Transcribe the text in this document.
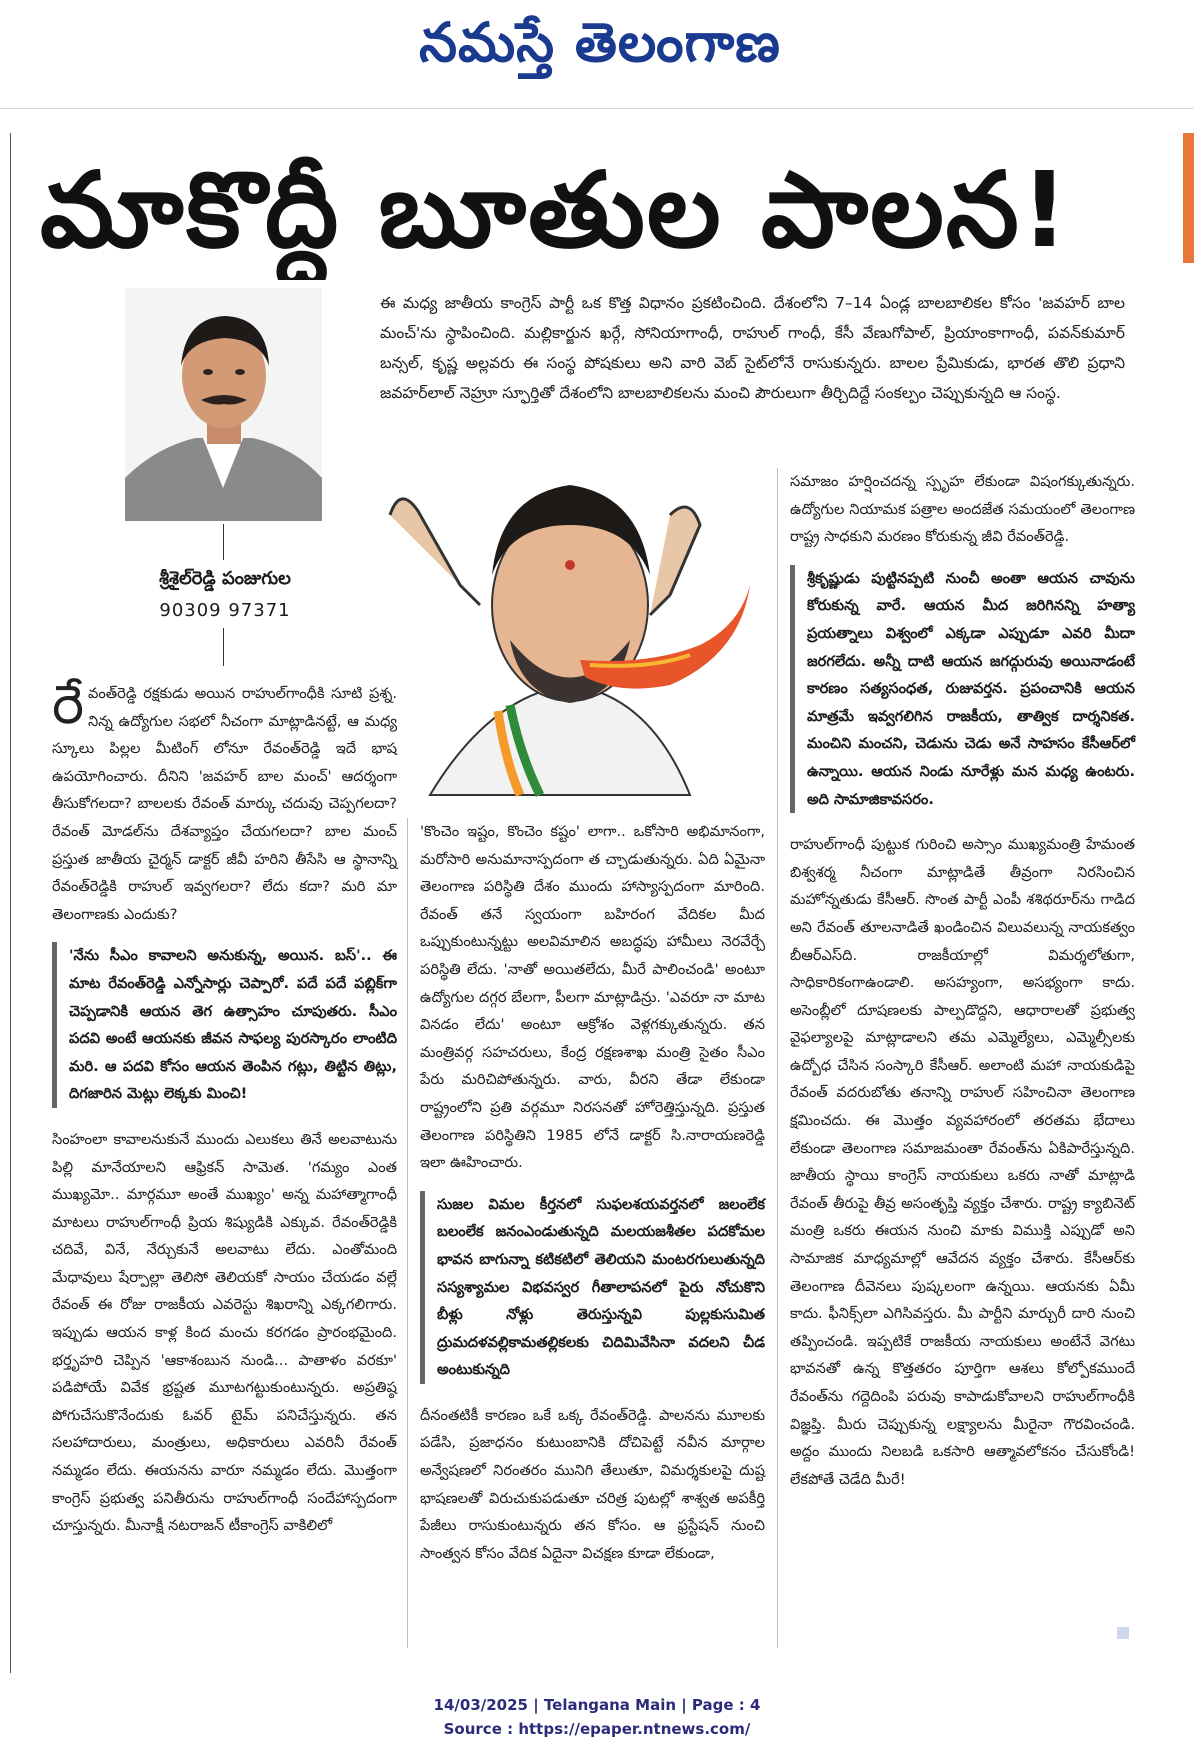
నమస్తే తెలంగాణ
మాకొద్దీ బూతుల పాలన!
శ్రీశైల్‌రెడ్డి పంజుగుల
90309 97371
ఈ మధ్య జాతీయ కాంగ్రెస్ పార్టీ ఒక కొత్త విధానం ప్రకటించింది. దేశంలోని 7–14 ఏండ్ల బాలబాలికల కోసం 'జవహర్ బాల మంచ్'ను స్థాపించింది. మల్లికార్జున ఖర్గే, సోనియాగాంధీ, రాహుల్ గాంధీ, కేసీ వేణుగోపాల్, ప్రియాంకాగాంధీ, పవన్‌కుమార్ బన్సల్, కృష్ణ అల్లవరు ఈ సంస్థ పోషకులు అని వారి వెబ్ సైట్‌లోనే రాసుకున్నరు. బాలల ప్రేమికుడు, భారత తొలి ప్రధాని జవహర్‌లాల్ నెహ్రూ స్ఫూర్తితో దేశంలోని బాలబాలికలను మంచి పౌరులుగా తీర్చిదిద్దే సంకల్పం చెప్పుకున్నది ఆ సంస్థ.

రేవంత్‌రెడ్డి రక్షకుడు అయిన రాహుల్‌గాంధీకి సూటి ప్రశ్న. నిన్న ఉద్యోగుల సభలో నీచంగా మాట్లాడినట్టే, ఆ మధ్య స్కూలు పిల్లల మీటింగ్ లోనూ రేవంత్‌రెడ్డి ఇదే భాష ఉపయోగించారు. దీనిని 'జవహర్ బాల మంచ్' ఆదర్శంగా తీసుకోగలదా? బాలలకు రేవంత్ మార్కు చదువు చెప్పగలదా? రేవంత్ మోడల్‌ను దేశవ్యాప్తం చేయగలదా? బాల మంచ్ ప్రస్తుత జాతీయ చైర్మన్ డాక్టర్ జీవీ హరిని తీసేసి ఆ స్థానాన్ని రేవంత్‌రెడ్డికి రాహుల్ ఇవ్వగలరా? లేదు కదా? మరి మా తెలంగాణకు ఎందుకు?

'నేను సీఎం కావాలని అనుకున్న, అయిన. బస్'.. ఈ మాట రేవంత్‌రెడ్డి ఎన్నోసార్లు చెప్పారో. పదే పదే పబ్లిక్‌గా చెప్పడానికి ఆయన తెగ ఉత్సాహం చూపుతరు. సీఎం పదవి అంటే ఆయనకు జీవన సాఫల్య పురస్కారం లాంటిది మరి. ఆ పదవి కోసం ఆయన తెంపిన గట్లు, తిట్టిన తిట్లు, దిగజారిన మెట్లు లెక్కకు మించి!

సింహంలా కావాలనుకునే ముందు ఎలుకలు తినే అలవాటును పిల్లి మానేయాలని ఆఫ్రికన్ సామెత. 'గమ్యం ఎంత ముఖ్యమో.. మార్గమూ అంతే ముఖ్యం' అన్న మహాత్మాగాంధీ మాటలు రాహుల్‌గాంధీ ప్రియ శిష్యుడికి ఎక్కువ. రేవంత్‌రెడ్డికి చదివే, వినే, నేర్చుకునే అలవాటు లేదు. ఎంతోమంది మేధావులు షేర్పాల్లా తెలిసో తెలియకో సాయం చేయడం వల్లే రేవంత్ ఈ రోజు రాజకీయ ఎవరెస్టు శిఖరాన్ని ఎక్కగలిగారు. ఇప్పుడు ఆయన కాళ్ల కింద మంచు కరగడం ప్రారంభమైంది. భర్తృహరి చెప్పిన 'ఆకాశంబున నుండి... పాతాళం వరకూ' పడిపోయే వివేక భ్రష్టత మూటగట్టుకుంటున్నరు. అప్రతిష్ఠ పోగుచేసుకొనేందుకు ఓవర్ టైమ్ పనిచేస్తున్నరు. తన సలహాదారులు, మంత్రులు, అధికారులు ఎవరినీ రేవంత్ నమ్మడం లేదు. ఈయనను వారూ నమ్మడం లేదు. మొత్తంగా కాంగ్రెస్ ప్రభుత్వ పనితీరును రాహుల్‌గాంధీ సందేహాస్పదంగా చూస్తున్నరు. మీనాక్షీ నటరాజన్ టీకాంగ్రెస్ వాకిలిలో

'కొంచెం ఇష్టం, కొంచెం కష్టం' లాగా.. ఒకోసారి అభిమానంగా, మరోసారి అనుమానాస్పదంగా త చ్చాడుతున్నరు. ఏది ఏమైనా తెలంగాణ పరిస్థితి దేశం ముందు హాస్యాస్పదంగా మారింది. రేవంత్ తనే స్వయంగా బహిరంగ వేదికల మీద ఒప్పుకుంటున్నట్టు అలవిమాలిన అబద్ధపు హామీలు నెరవేర్చే పరిస్థితి లేదు. 'నాతో అయితలేదు, మీరే పాలించండి' అంటూ ఉద్యోగుల దగ్గర బేలగా, పీలగా మాట్లాడిన్రు. 'ఎవరూ నా మాట వినడం లేదు' అంటూ ఆక్రోశం వెళ్లగక్కుతున్నరు. తన మంత్రివర్గ సహచరులు, కేంద్ర రక్షణశాఖ మంత్రి సైతం సీఎం పేరు మరిచిపోతున్నరు. వారు, వీరని తేడా లేకుండా రాష్ట్రంలోని ప్రతి వర్గమూ నిరసనతో హోరెత్తిస్తున్నది. ప్రస్తుత తెలంగాణ పరిస్థితిని 1985 లోనే డాక్టర్ సి.నారాయణరెడ్డి ఇలా ఊహించారు.

సుజల విమల కీర్తనలో సుఫలశయవర్తనలో జలంలేక బలంలేక జనంఎండుతున్నది మలయజశీతల పదకోమల భావన బాగున్నా కటికటిలో తెలియని మంటరగులుతున్నది సస్యశ్యామల విభవస్వర గీతాలాపనలో పైరు నోచుకొని బీళ్లు నోళ్లు తెరుస్తున్నవి పుల్లకుసుమిత ద్రుమదళవల్లికామతల్లికలకు చిదిమివేసినా వదలని చీడ అంటుకున్నది

దీనంతటికీ కారణం ఒకే ఒక్క రేవంత్‌రెడ్డి. పాలనను మూలకు పడేసి, ప్రజాధనం కుటుంబానికి దోచిపెట్టే నవీన మార్గాల అన్వేషణలో నిరంతరం మునిగి తేలుతూ, విమర్శకులపై దుష్ట భాషణలతో విరుచుకుపడుతూ చరిత్ర పుటల్లో శాశ్వత అపకీర్తి పేజీలు రాసుకుంటున్నరు తన కోసం. ఆ ఫ్రస్టేషన్ నుంచి సాంత్వన కోసం వేదిక ఏదైనా విచక్షణ కూడా లేకుండా,

సమాజం హర్షించదన్న స్పృహ లేకుండా విషంగక్కుతున్నరు. ఉద్యోగుల నియామక పత్రాల అందజేత సమయంలో తెలంగాణ రాష్ట్ర సాధకుని మరణం కోరుకున్న జీవి రేవంత్‌రెడ్డి.

శ్రీకృష్ణుడు పుట్టినప్పటి నుంచీ అంతా ఆయన చావును కోరుకున్న వారే. ఆయన మీద జరిగినన్ని హత్యా ప్రయత్నాలు విశ్వంలో ఎక్కడా ఎప్పుడూ ఎవరి మీదా జరగలేదు. అన్నీ దాటి ఆయన జగద్గురువు అయినాడంటే కారణం సత్యసంధత, రుజువర్తన. ప్రపంచానికి ఆయన మాత్రమే ఇవ్వగలిగిన రాజకీయ, తాత్విక దార్శనికత. మంచిని మంచని, చెడును చెడు అనే సాహసం కేసీఆర్‌లో ఉన్నాయి. ఆయన నిండు నూరేళ్లు మన మధ్య ఉంటరు. అది సామాజికావసరం.

రాహుల్‌గాంధీ పుట్టుక గురించి అస్సాం ముఖ్యమంత్రి హేమంత బిశ్వశర్మ నీచంగా మాట్లాడితే తీవ్రంగా నిరసించిన మహోన్నతుడు కేసీఆర్. సొంత పార్టీ ఎంపీ శశిథరూర్‌ను గాడిద అని రేవంత్ తూలనాడితే ఖండించిన విలువలున్న నాయకత్వం బీఆర్‌ఎస్‌ది. రాజకీయాల్లో విమర్శలోతుగా, సాధికారికంగాఉండాలి. అసహ్యంగా, అసభ్యంగా కాదు. అసెంబ్లీలో దూషణలకు పాల్పడొద్దని, ఆధారాలతో ప్రభుత్వ వైఫల్యాలపై మాట్లాడాలని తమ ఎమ్మెల్యేలు, ఎమ్మెల్సీలకు ఉద్బోధ చేసిన సంస్కారి కేసీఆర్. అలాంటి మహా నాయకుడిపై రేవంత్ వదరుబోతు తనాన్ని రాహుల్ సహించినా తెలంగాణ క్షమించదు. ఈ మొత్తం వ్యవహారంలో తరతమ భేదాలు లేకుండా తెలంగాణ సమాజమంతా రేవంత్‌ను ఏకిపారేస్తున్నది. జాతీయ స్థాయి కాంగ్రెస్ నాయకులు ఒకరు నాతో మాట్లాడి రేవంత్ తీరుపై తీవ్ర అసంతృప్తి వ్యక్తం చేశారు. రాష్ట్ర క్యాబినెట్ మంత్రి ఒకరు ఈయన నుంచి మాకు విముక్తి ఎప్పుడో అని సామాజిక మాధ్యమాల్లో ఆవేదన వ్యక్తం చేశారు. కేసీఆర్‌కు తెలంగాణ దీవెనలు పుష్కలంగా ఉన్నయి. ఆయనకు ఏమీ కాదు. ఫీనిక్స్‌లా ఎగిసివస్తరు. మీ పార్టీని మార్చురీ దారి నుంచి తప్పించండి. ఇప్పటికే రాజకీయ నాయకులు అంటేనే వెగటు భావనతో ఉన్న కొత్తతరం పూర్తిగా ఆశలు కోల్పోకముందే రేవంత్‌ను గద్దెదింపి పరువు కాపాడుకోవాలని రాహుల్‌గాంధీకి విజ్ఞప్తి. మీరు చెప్పుకున్న లక్ష్యాలను మీరైనా గౌరవించండి. అద్దం ముందు నిలబడి ఒకసారి ఆత్మావలోకనం చేసుకోండి! లేకపోతే చెడేది మీరే!

14/03/2025 | Telangana Main | Page : 4
Source : https://epaper.ntnews.com/
